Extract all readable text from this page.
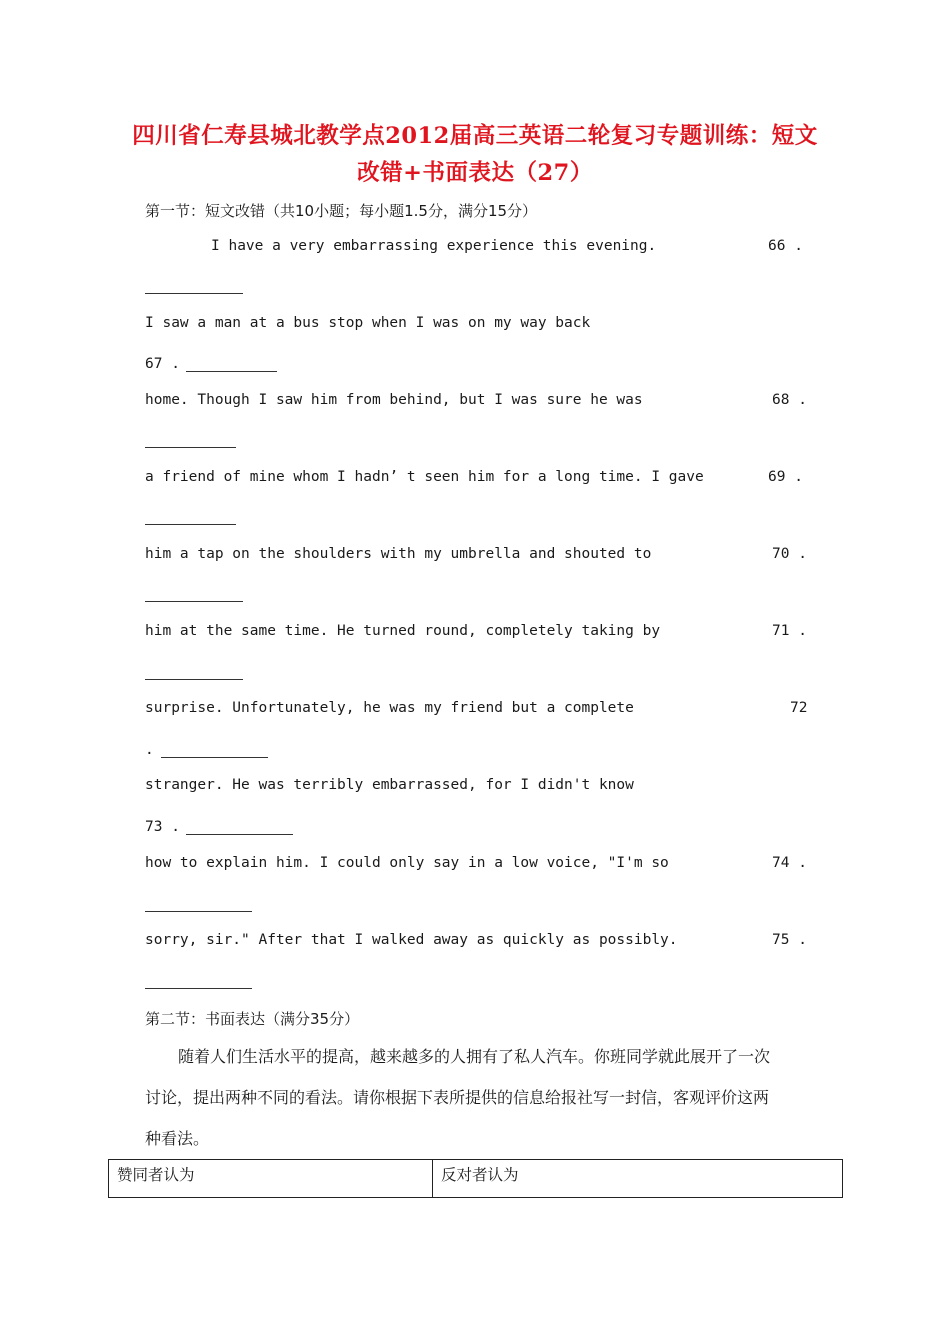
四川省仁寿县城北教学点2012届高三英语二轮复习专题训练：短文
改错+书面表达（27）
第一节：短文改错（共10小题；每小题1.5分，满分15分）
I have a very embarrassing experience this evening.	66 .
I saw a man at a bus stop when I was on my way back
67 .
home. Though I saw him from behind, but I was sure he was	68 .
a friend of mine whom I hadn’ t seen him for a long time. I gave	69 .
him a tap on the shoulders with my umbrella and shouted to	70 .
him at the same time. He turned round, completely taking by	71 .
surprise. Unfortunately, he was my friend but a complete	72
.
stranger. He was terribly embarrassed, for I didn't know
73 .
how to explain him. I could only say in a low voice, "I'm so	74 .
sorry, sir." After that I walked away as quickly as possibly.	75 .
第二节：书面表达（满分35分）
随着人们生活水平的提高，越来越多的人拥有了私人汽车。你班同学就此展开了一次
讨论，提出两种不同的看法。请你根据下表所提供的信息给报社写一封信，客观评价这两
种看法。
赞同者认为	反对者认为
